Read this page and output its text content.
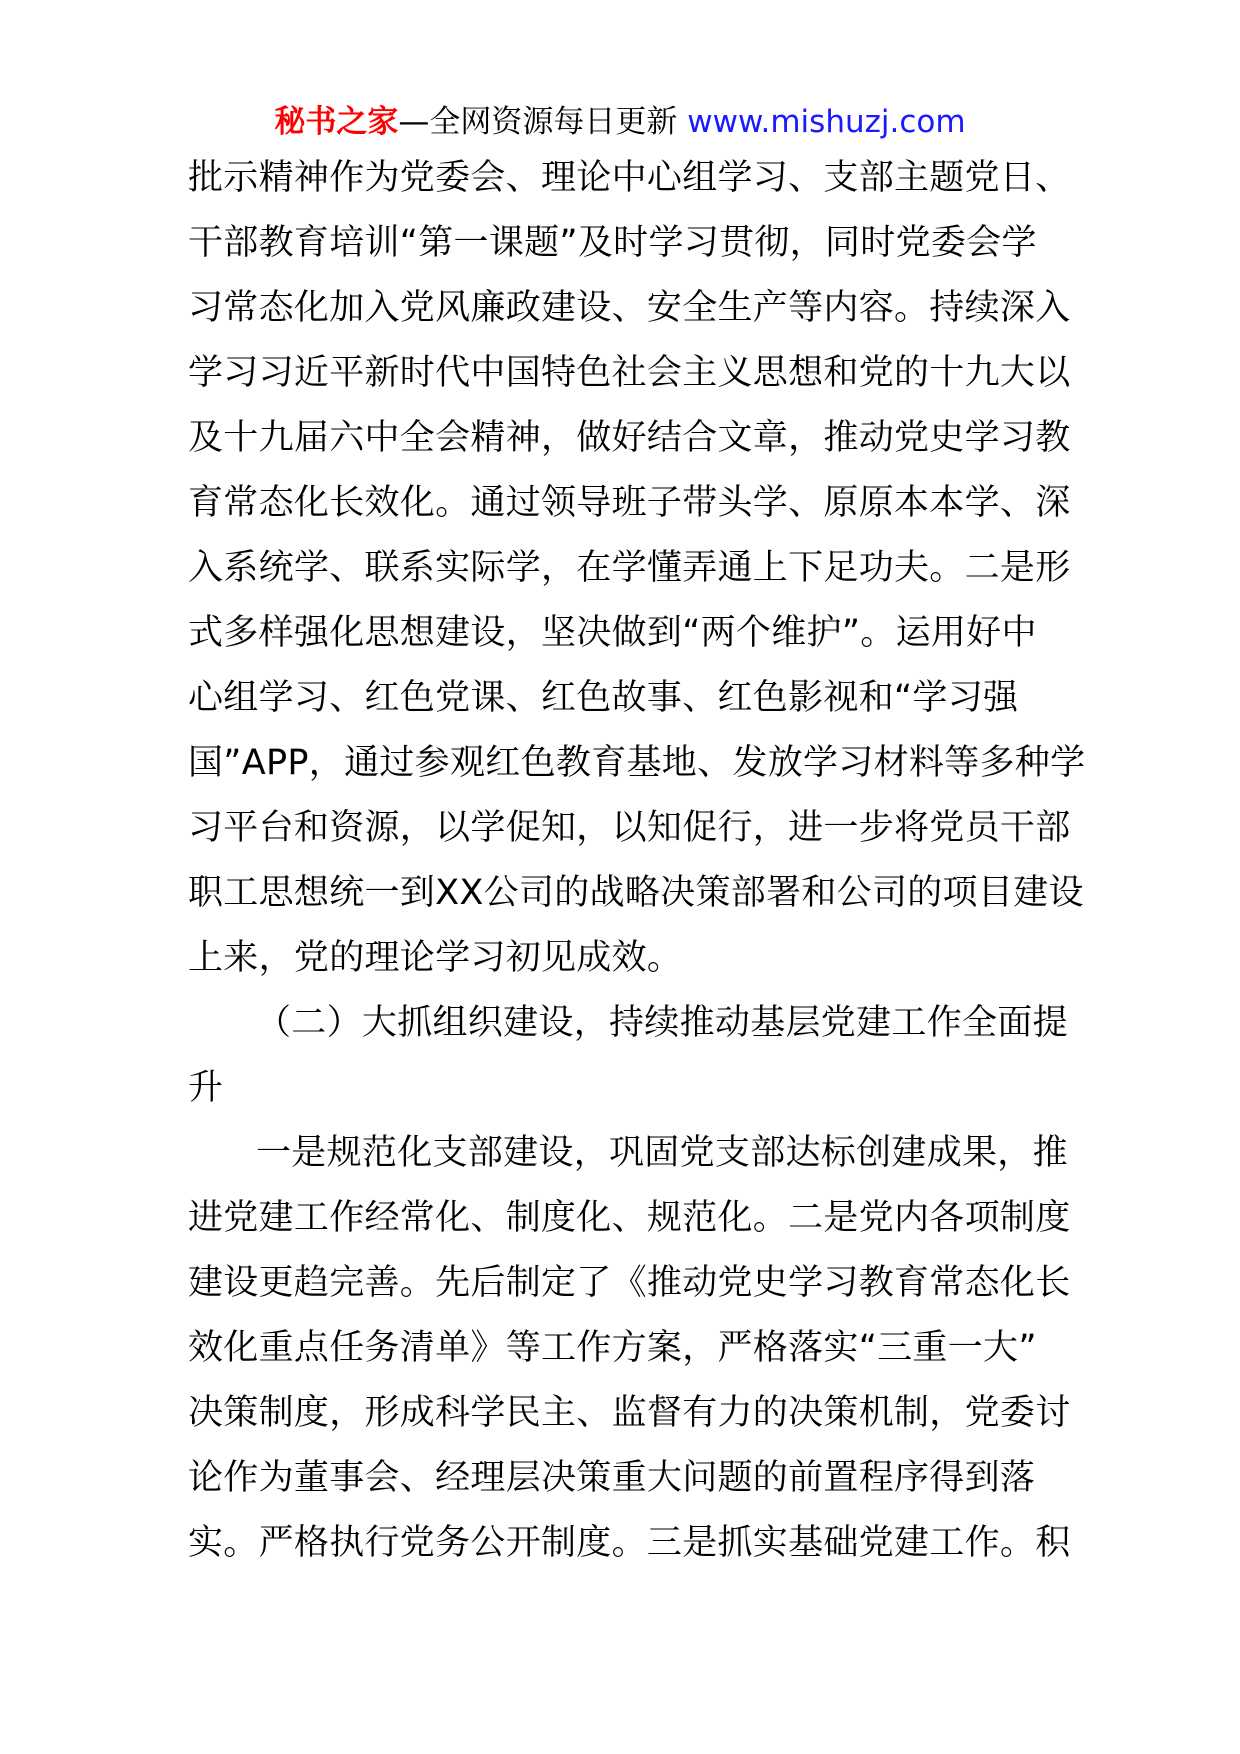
秘书之家—全网资源每日更新 www.mishuzj.com
批示精神作为党委会、理论中心组学习、支部主题党日、
干部教育培训“第一课题”及时学习贯彻，同时党委会学
习常态化加入党风廉政建设、安全生产等内容。持续深入
学习习近平新时代中国特色社会主义思想和党的十九大以
及十九届六中全会精神，做好结合文章，推动党史学习教
育常态化长效化。通过领导班子带头学、原原本本学、深
入系统学、联系实际学，在学懂弄通上下足功夫。二是形
式多样强化思想建设，坚决做到“两个维护”。运用好中
心组学习、红色党课、红色故事、红色影视和“学习强
国”APP，通过参观红色教育基地、发放学习材料等多种学
习平台和资源，以学促知，以知促行，进一步将党员干部
职工思想统一到XX公司的战略决策部署和公司的项目建设
上来，党的理论学习初见成效。
（二）大抓组织建设，持续推动基层党建工作全面提
升
一是规范化支部建设，巩固党支部达标创建成果，推
进党建工作经常化、制度化、规范化。二是党内各项制度
建设更趋完善。先后制定了《推动党史学习教育常态化长
效化重点任务清单》等工作方案，严格落实“三重一大”
决策制度，形成科学民主、监督有力的决策机制，党委讨
论作为董事会、经理层决策重大问题的前置程序得到落
实。严格执行党务公开制度。三是抓实基础党建工作。积
